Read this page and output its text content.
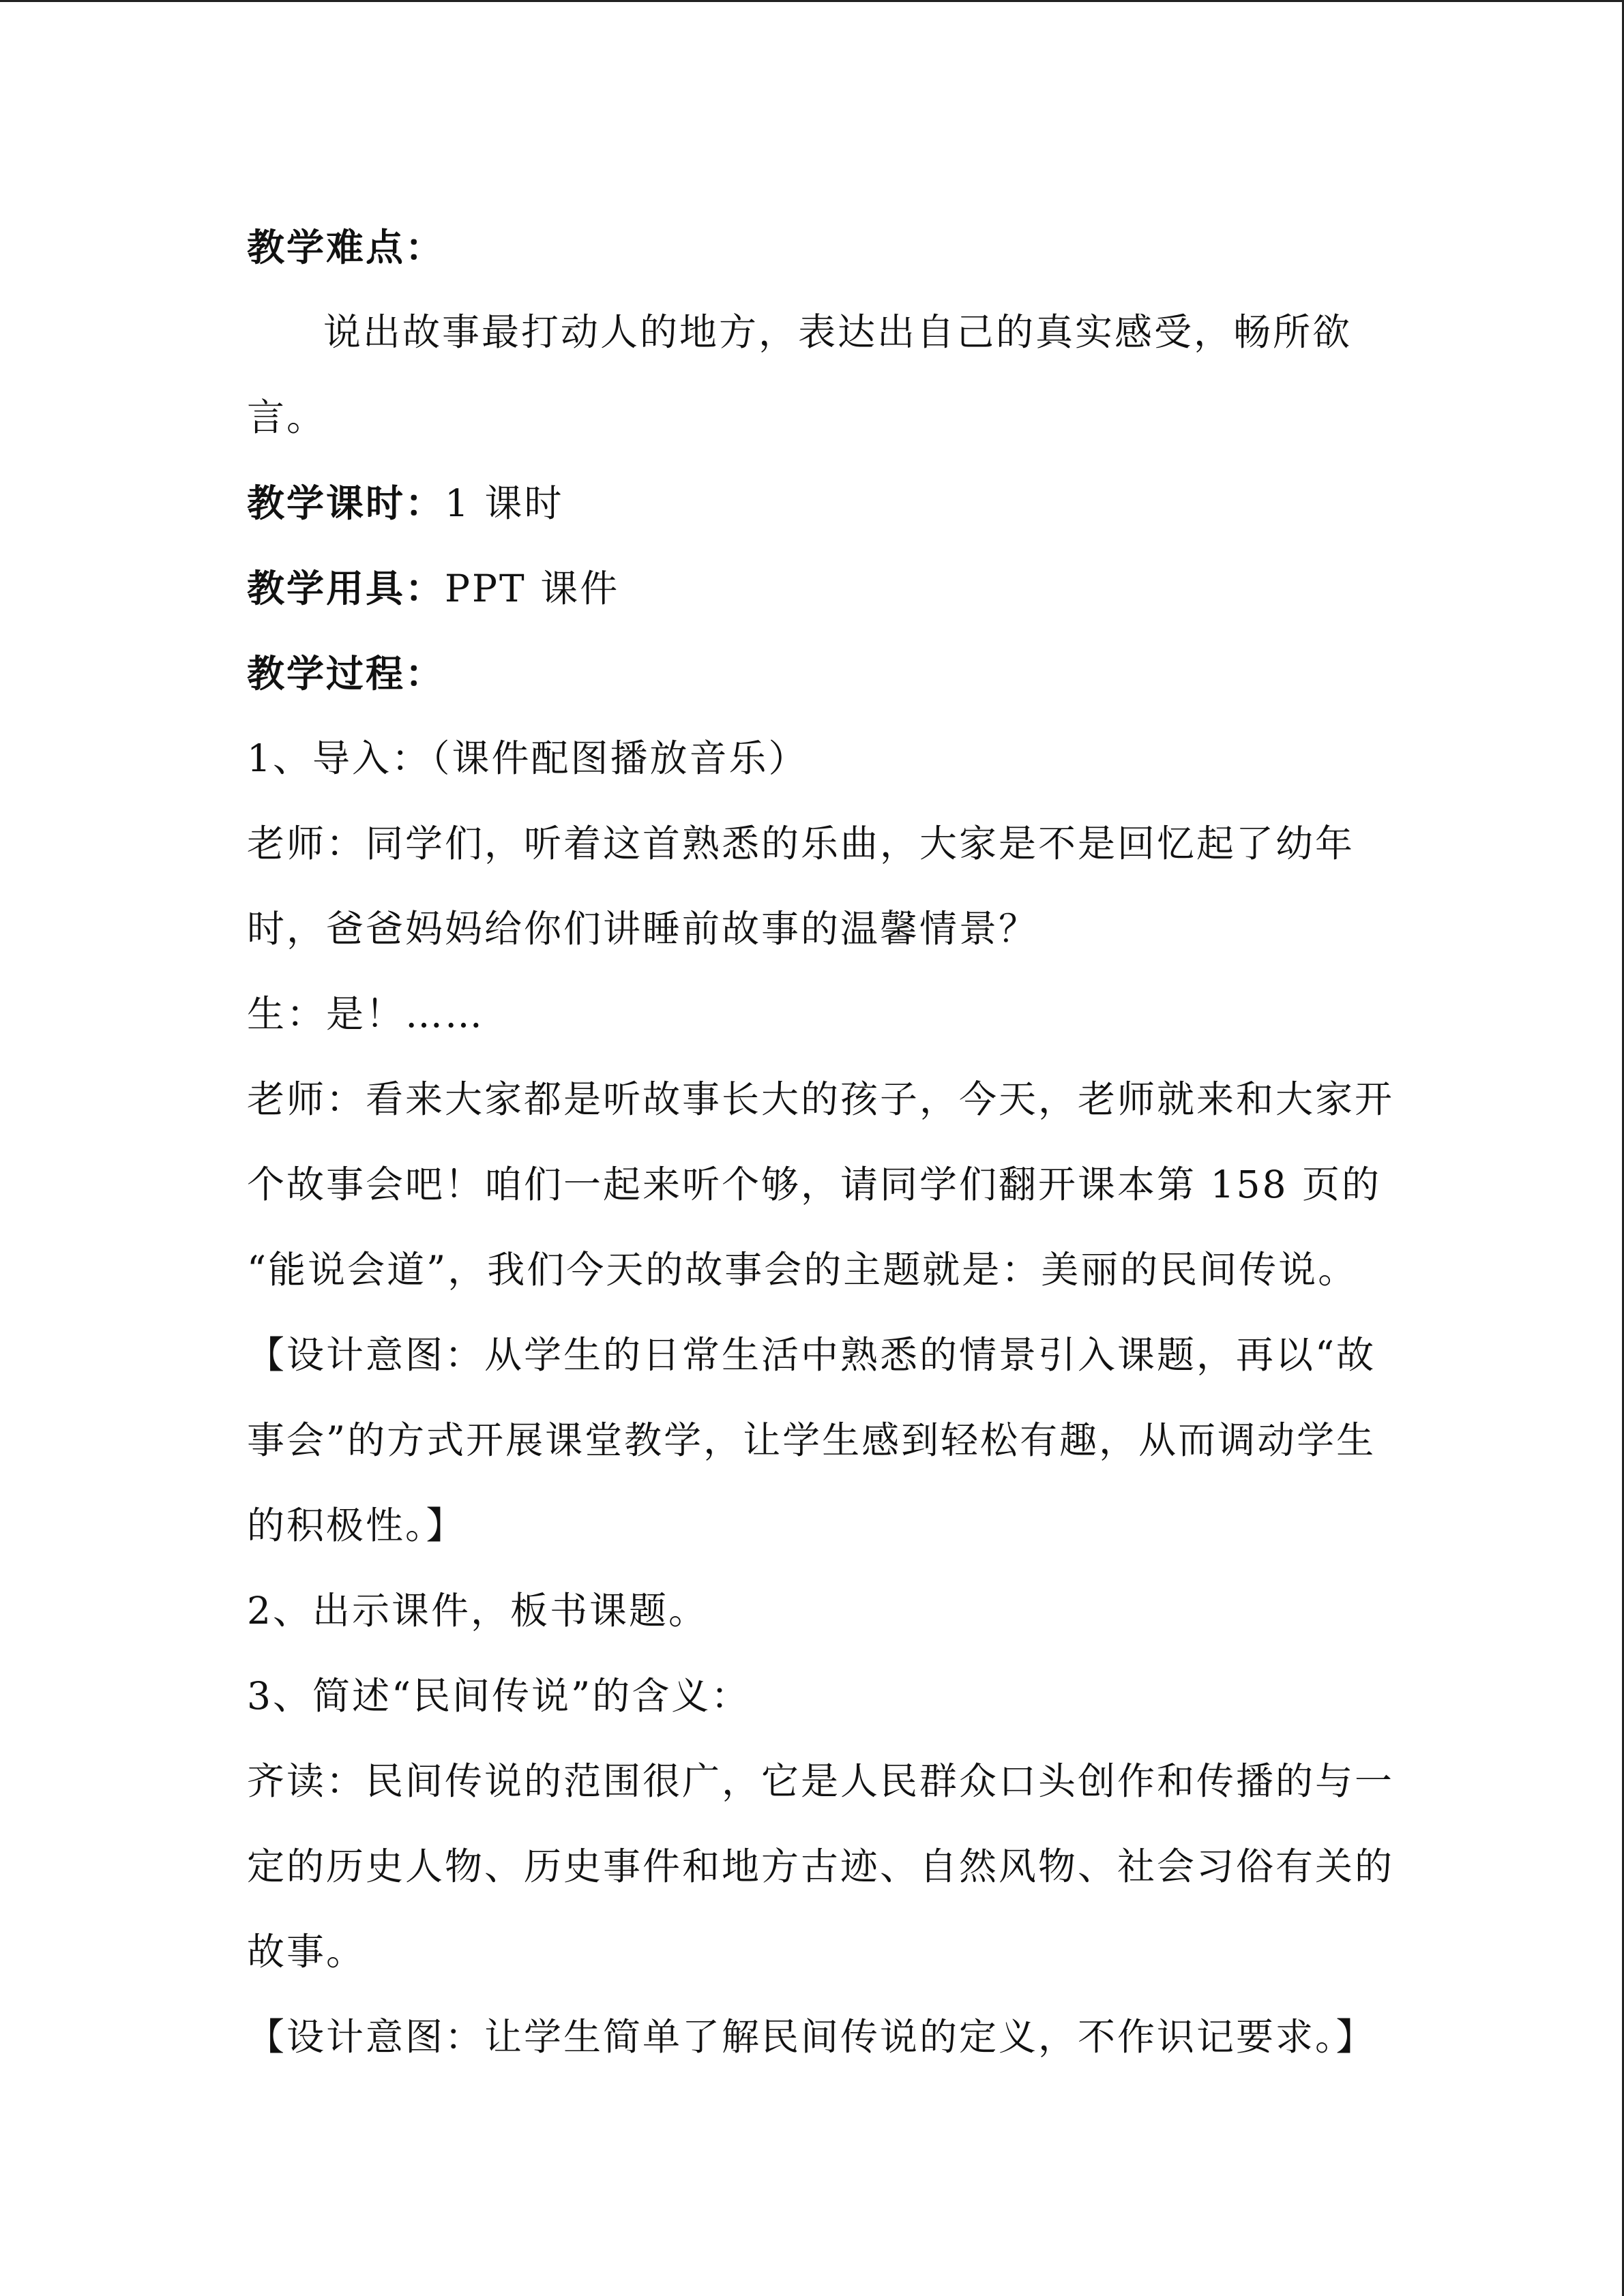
教学难点：
说出故事最打动人的地方，表达出自己的真实感受，畅所欲
言。
教学课时：1 课时
教学用具：PPT 课件
教学过程：
1、导入：（课件配图播放音乐）
老师：同学们，听着这首熟悉的乐曲，大家是不是回忆起了幼年
时，爸爸妈妈给你们讲睡前故事的温馨情景？
生：是！……
老师：看来大家都是听故事长大的孩子，今天，老师就来和大家开
个故事会吧！咱们一起来听个够，请同学们翻开课本第 158 页的
“能说会道”，我们今天的故事会的主题就是：美丽的民间传说。
【设计意图：从学生的日常生活中熟悉的情景引入课题，再以“故
事会”的方式开展课堂教学，让学生感到轻松有趣，从而调动学生
的积极性。】
2、出示课件，板书课题。
3、简述“民间传说”的含义：
齐读：民间传说的范围很广，它是人民群众口头创作和传播的与一
定的历史人物、历史事件和地方古迹、自然风物、社会习俗有关的
故事。
【设计意图：让学生简单了解民间传说的定义，不作识记要求。】
